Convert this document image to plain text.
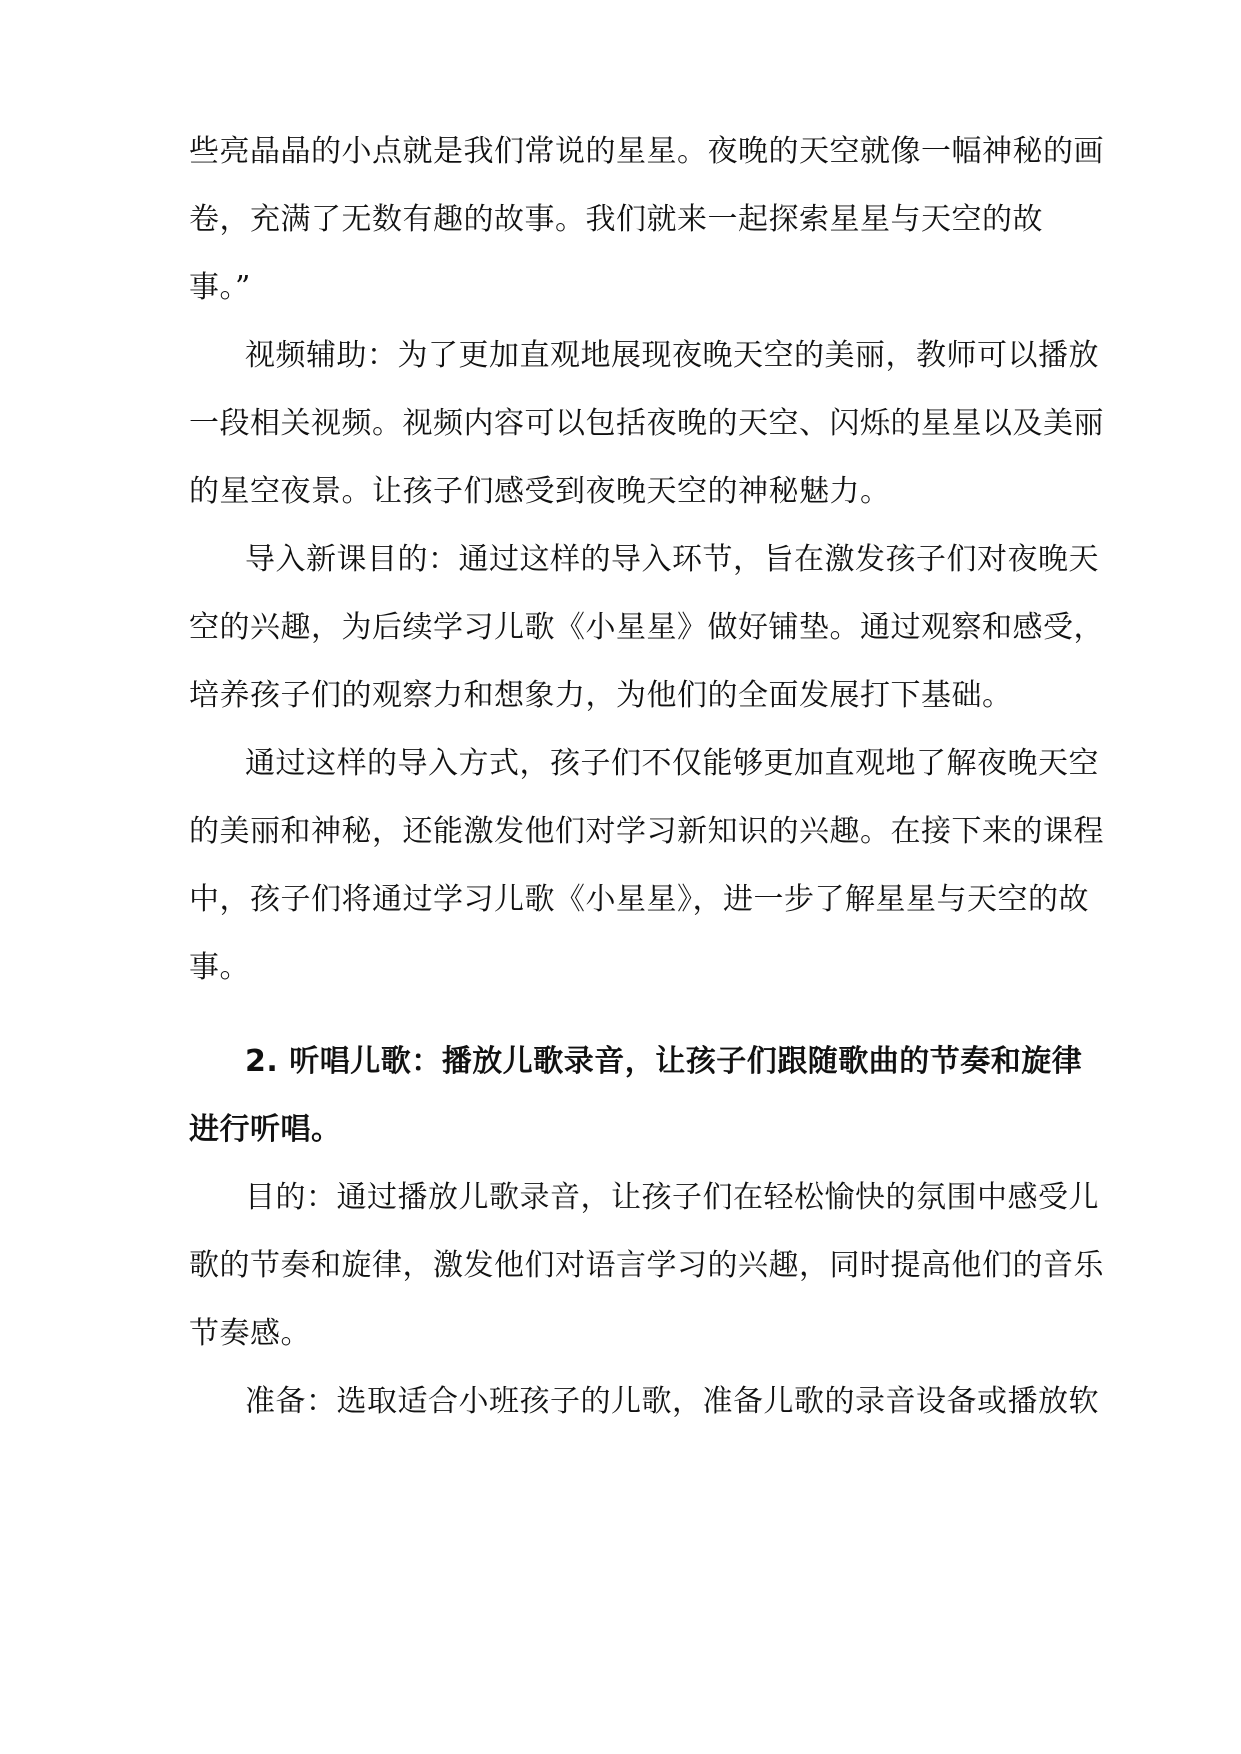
些亮晶晶的小点就是我们常说的星星。夜晚的天空就像一幅神秘的画
卷，充满了无数有趣的故事。我们就来一起探索星星与天空的故
事。”
视频辅助：为了更加直观地展现夜晚天空的美丽，教师可以播放
一段相关视频。视频内容可以包括夜晚的天空、闪烁的星星以及美丽
的星空夜景。让孩子们感受到夜晚天空的神秘魅力。
导入新课目的：通过这样的导入环节，旨在激发孩子们对夜晚天
空的兴趣，为后续学习儿歌《小星星》做好铺垫。通过观察和感受，
培养孩子们的观察力和想象力，为他们的全面发展打下基础。
通过这样的导入方式，孩子们不仅能够更加直观地了解夜晚天空
的美丽和神秘，还能激发他们对学习新知识的兴趣。在接下来的课程
中，孩子们将通过学习儿歌《小星星》，进一步了解星星与天空的故
事。
2. 听唱儿歌：播放儿歌录音，让孩子们跟随歌曲的节奏和旋律
进行听唱。
目的：通过播放儿歌录音，让孩子们在轻松愉快的氛围中感受儿
歌的节奏和旋律，激发他们对语言学习的兴趣，同时提高他们的音乐
节奏感。
准备：选取适合小班孩子的儿歌，准备儿歌的录音设备或播放软
